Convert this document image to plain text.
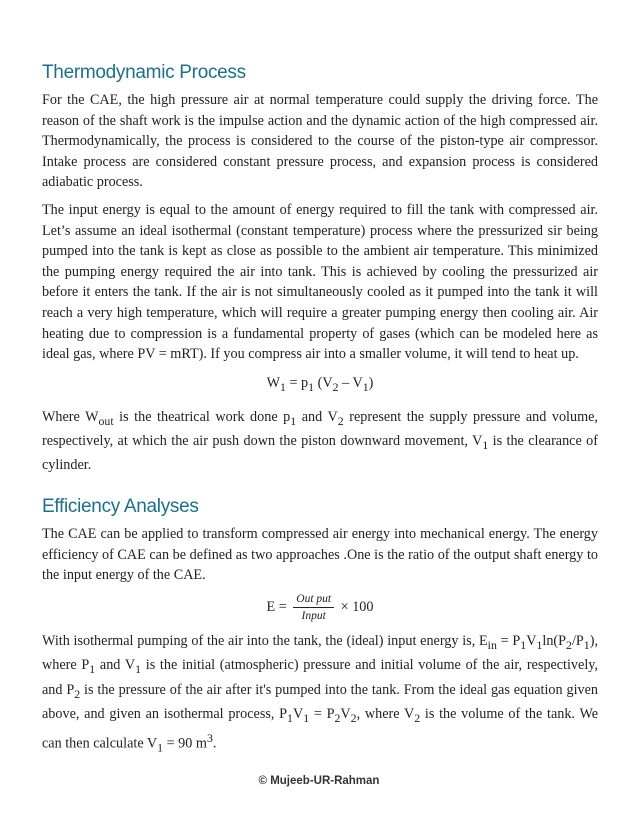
Thermodynamic Process

For the CAE, the high pressure air at normal temperature could supply the driving force. The reason of the shaft work is the impulse action and the dynamic action of the high compressed air. Thermodynamically, the process is considered to the course of the piston-type air compressor. Intake process are considered constant pressure process, and expansion process is considered adiabatic process.

The input energy is equal to the amount of energy required to fill the tank with compressed air. Let’s assume an ideal isothermal (constant temperature) process where the pressurized sir being pumped into the tank is kept as close as possible to the ambient air temperature. This minimized the pumping energy required the air into tank. This is achieved by cooling the pressurized air before it enters the tank. If the air is not simultaneously cooled as it pumped into the tank it will reach a very high temperature, which will require a greater pumping energy then cooling air. Air heating due to compression is a fundamental property of gases (which can be modeled here as ideal gas, where PV = mRT). If you compress air into a smaller volume, it will tend to heat up.

$W_1 = p_1$ $(V_2 - V_1)$

Where $W_{out}$ is the theatrical work done $p_1$ and $V_2$ represent the supply pressure and volume, respectively, at which the air push down the piston downward movement, $V_1$ is the clearance of cylinder.

Efficiency Analyses

The CAE can be applied to transform compressed air energy into mechanical energy. The energy efficiency of CAE can be defined as two approaches .One is the ratio of the output shaft energy to the input energy of the CAE.

$E = \frac{\text{Out put}}{\text{Input}} \times 100$

With isothermal pumping of the air into the tank, the (ideal) input energy is, $E_{in} = P_1V_1\ln(P_2/P_1)$, where $P_1$ and $V_1$ is the initial (atmospheric) pressure and initial volume of the air, respectively, and $P_2$ is the pressure of the air after it's pumped into the tank. From the ideal gas equation given above, and given an isothermal process, $P_1V_1 = P_2V_2$, where $V_2$ is the volume of the tank. We can then calculate $V_1 = 90$ $m^3$.

© Mujeeb-UR-Rahman
